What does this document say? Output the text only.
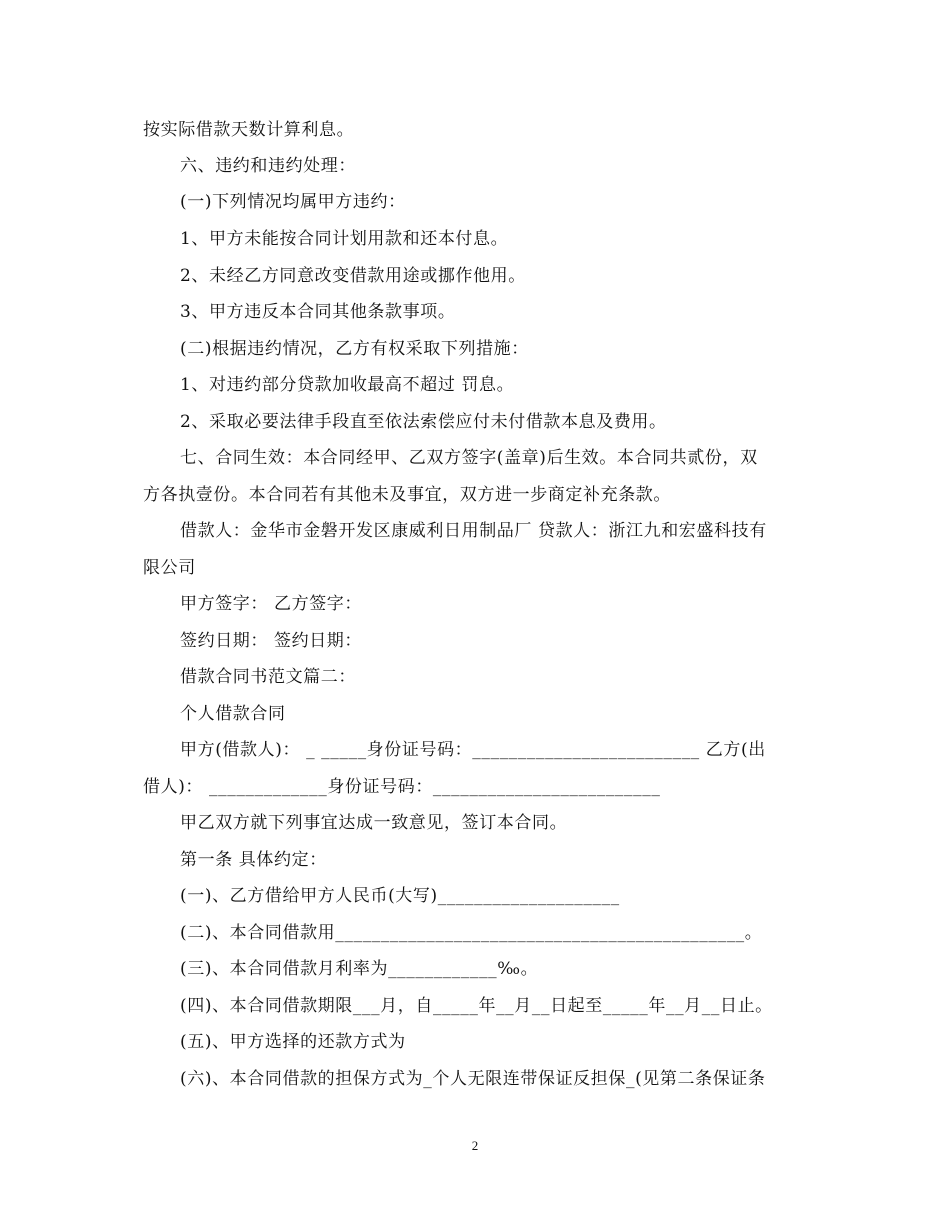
按实际借款天数计算利息。
六、违约和违约处理：
(一)下列情况均属甲方违约：
1、甲方未能按合同计划用款和还本付息。
2、未经乙方同意改变借款用途或挪作他用。
3、甲方违反本合同其他条款事项。
(二)根据违约情况，乙方有权采取下列措施：
1、对违约部分贷款加收最高不超过 罚息。
2、采取必要法律手段直至依法索偿应付未付借款本息及费用。
七、合同生效：本合同经甲、乙双方签字(盖章)后生效。本合同共贰份，双
方各执壹份。本合同若有其他未及事宜，双方进一步商定补充条款。
借款人：金华市金磐开发区康威利日用制品厂 贷款人：浙江九和宏盛科技有
限公司
甲方签字： 乙方签字：
签约日期： 签约日期：
借款合同书范文篇二：
个人借款合同
甲方(借款人)： _ _____身份证号码：_________________________ 乙方(出
借人)： _____________身份证号码：_________________________
甲乙双方就下列事宜达成一致意见，签订本合同。
第一条 具体约定：
(一)、乙方借给甲方人民币(大写)____________________
(二)、本合同借款用_____________________________________________。
(三)、本合同借款月利率为____________‰。
(四)、本合同借款期限___月，自_____年__月__日起至_____年__月__日止。
(五)、甲方选择的还款方式为
(六)、本合同借款的担保方式为_个人无限连带保证反担保_(见第二条保证条
2
